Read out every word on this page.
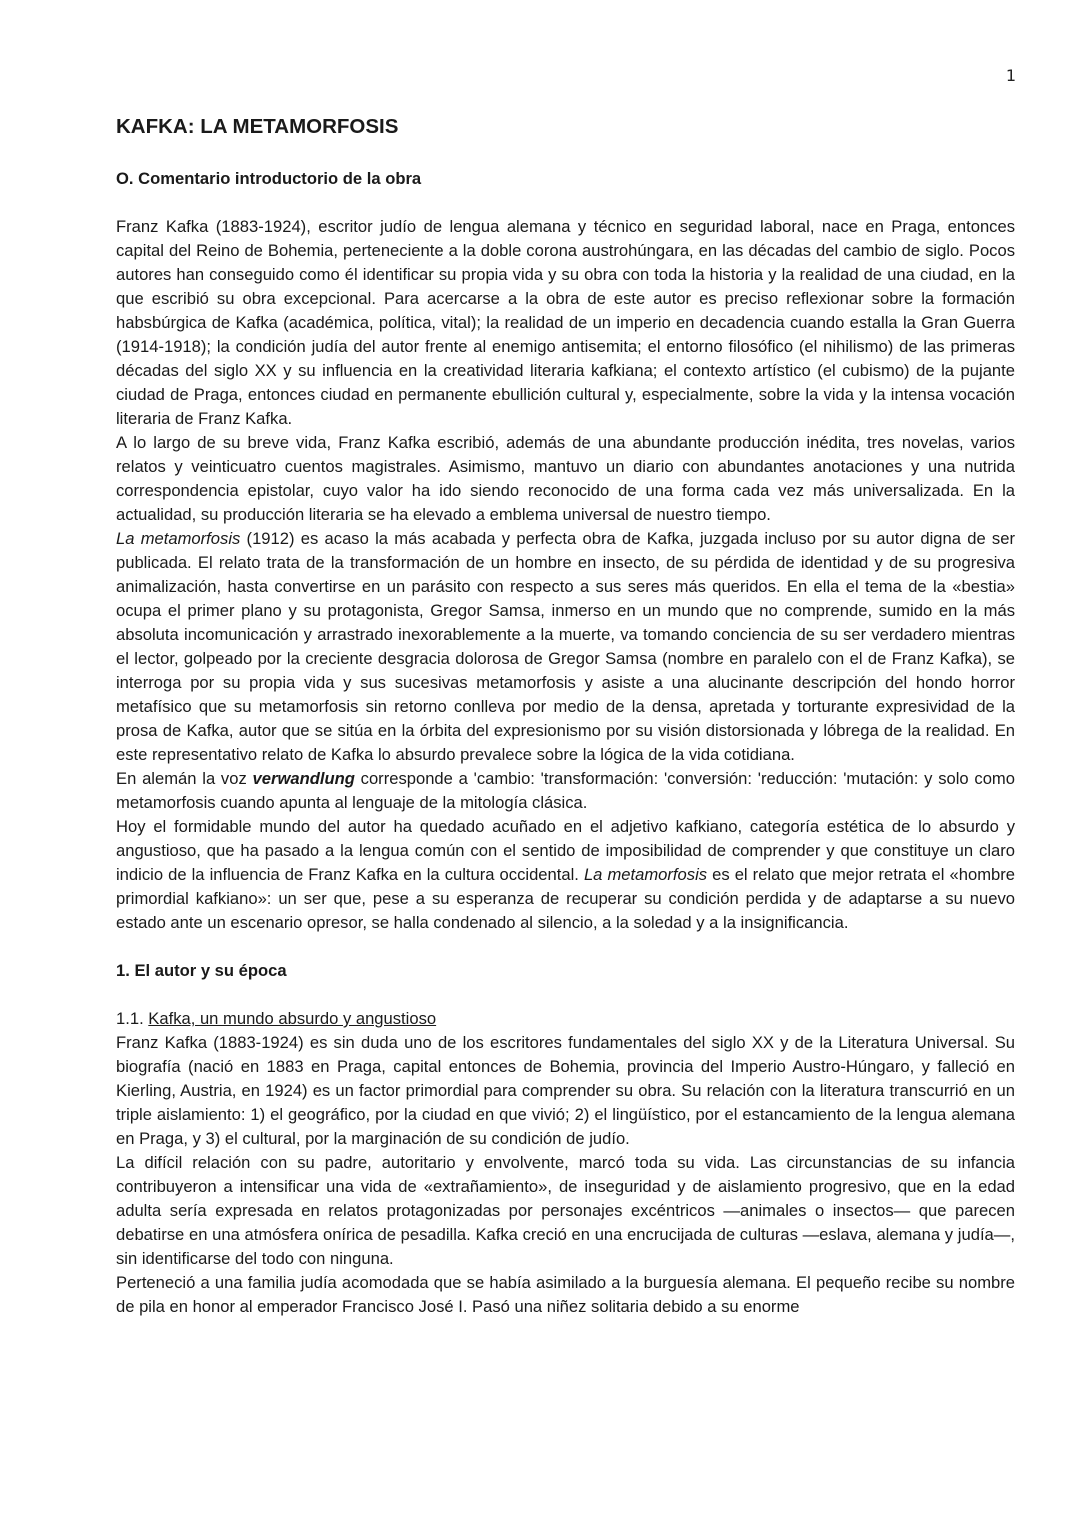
1
KAFKA: LA METAMORFOSIS
O. Comentario introductorio de la obra

Franz Kafka (1883-1924), escritor judío de lengua alemana y técnico en seguridad laboral, nace en Praga, entonces capital del Reino de Bohemia, perteneciente a la doble corona austrohúngara, en las décadas del cambio de siglo. Pocos autores han conseguido como él identificar su propia vida y su obra con toda la historia y la realidad de una ciudad, en la que escribió su obra excepcional. Para acercarse a la obra de este autor es preciso reflexionar sobre la formación habsbúrgica de Kafka (académica, política, vital); la realidad de un imperio en decadencia cuando estalla la Gran Guerra (1914-1918); la condición judía del autor frente al enemigo antisemita; el entorno filosófico (el nihilismo) de las primeras décadas del siglo XX y su influencia en la creatividad literaria kafkiana; el contexto artístico (el cubismo) de la pujante ciudad de Praga, entonces ciudad en permanente ebullición cultural y, especialmente, sobre la vida y la intensa vocación literaria de Franz Kafka.

A lo largo de su breve vida, Franz Kafka escribió, además de una abundante producción inédita, tres novelas, varios relatos y veinticuatro cuentos magistrales. Asimismo, mantuvo un diario con abundantes anotaciones y una nutrida correspondencia epistolar, cuyo valor ha ido siendo reconocido de una forma cada vez más universalizada. En la actualidad, su producción literaria se ha elevado a emblema universal de nuestro tiempo.

La metamorfosis (1912) es acaso la más acabada y perfecta obra de Kafka, juzgada incluso por su autor digna de ser publicada. El relato trata de la transformación de un hombre en insecto, de su pérdida de identidad y de su progresiva animalización, hasta convertirse en un parásito con respecto a sus seres más queridos. En ella el tema de la «bestia» ocupa el primer plano y su protagonista, Gregor Samsa, inmerso en un mundo que no comprende, sumido en la más absoluta incomunicación y arrastrado inexorablemente a la muerte, va tomando conciencia de su ser verdadero mientras el lector, golpeado por la creciente desgracia dolorosa de Gregor Samsa (nombre en paralelo con el de Franz Kafka), se interroga por su propia vida y sus sucesivas metamorfosis y asiste a una alucinante descripción del hondo horror metafísico que su metamorfosis sin retorno conlleva por medio de la densa, apretada y torturante expresividad de la prosa de Kafka, autor que se sitúa en la órbita del expresionismo por su visión distorsionada y lóbrega de la realidad. En este representativo relato de Kafka lo absurdo prevalece sobre la lógica de la vida cotidiana.

En alemán la voz verwandlung corresponde a 'cambio: 'transformación: 'conversión: 'reducción: 'mutación: y solo como metamorfosis cuando apunta al lenguaje de la mitología clásica.

Hoy el formidable mundo del autor ha quedado acuñado en el adjetivo kafkiano, categoría estética de lo absurdo y angustioso, que ha pasado a la lengua común con el sentido de imposibilidad de comprender y que constituye un claro indicio de la influencia de Franz Kafka en la cultura occidental. La metamorfosis es el relato que mejor retrata el «hombre primordial kafkiano»: un ser que, pese a su esperanza de recuperar su condición perdida y de adaptarse a su nuevo estado ante un escenario opresor, se halla condenado al silencio, a la soledad y a la insignificancia.

1. El autor y su época

1.1. Kafka, un mundo absurdo y angustioso

Franz Kafka (1883-1924) es sin duda uno de los escritores fundamentales del siglo XX y de la Literatura Universal. Su biografía (nació en 1883 en Praga, capital entonces de Bohemia, provincia del Imperio Austro-Húngaro, y falleció en Kierling, Austria, en 1924) es un factor primordial para comprender su obra. Su relación con la literatura transcurrió en un triple aislamiento: 1) el geográfico, por la ciudad en que vivió; 2) el lingüístico, por el estancamiento de la lengua alemana en Praga, y 3) el cultural, por la marginación de su condición de judío.

La difícil relación con su padre, autoritario y envolvente, marcó toda su vida. Las circunstancias de su infancia contribuyeron a intensificar una vida de «extrañamiento», de inseguridad y de aislamiento progresivo, que en la edad adulta sería expresada en relatos protagonizadas por personajes excéntricos —animales o insectos— que parecen debatirse en una atmósfera onírica de pesadilla. Kafka creció en una encrucijada de culturas —eslava, alemana y judía—, sin identificarse del todo con ninguna.

Perteneció a una familia judía acomodada que se había asimilado a la burguesía alemana. El pequeño recibe su nombre de pila en honor al emperador Francisco José I. Pasó una niñez solitaria debido a su enorme
